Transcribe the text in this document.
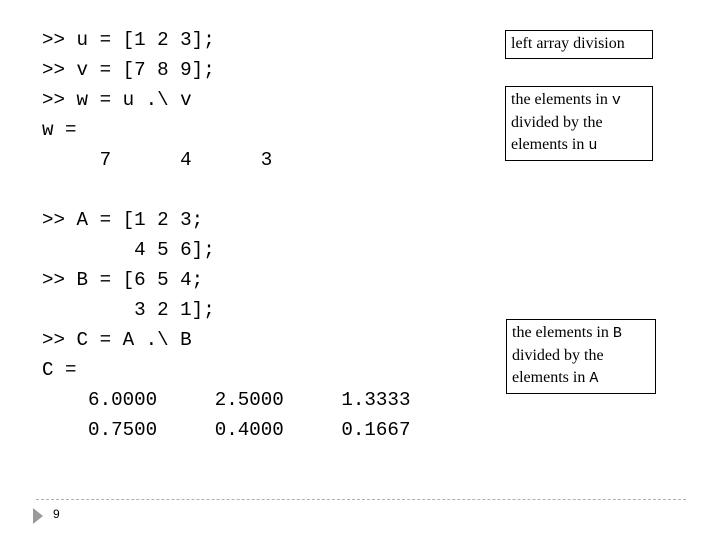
>> u = [1 2 3];
>> v = [7 8 9];
>> w = u .\ v
w =
7      4      3
>> A = [1 2 3;
4 5 6];
>> B = [6 5 4;
3 2 1];
>> C = A .\ B
C =
6.0000     2.5000     1.3333
0.7500     0.4000     0.1667
left array division
the elements in v divided by the elements in u
the elements in B divided by the elements in A
9
